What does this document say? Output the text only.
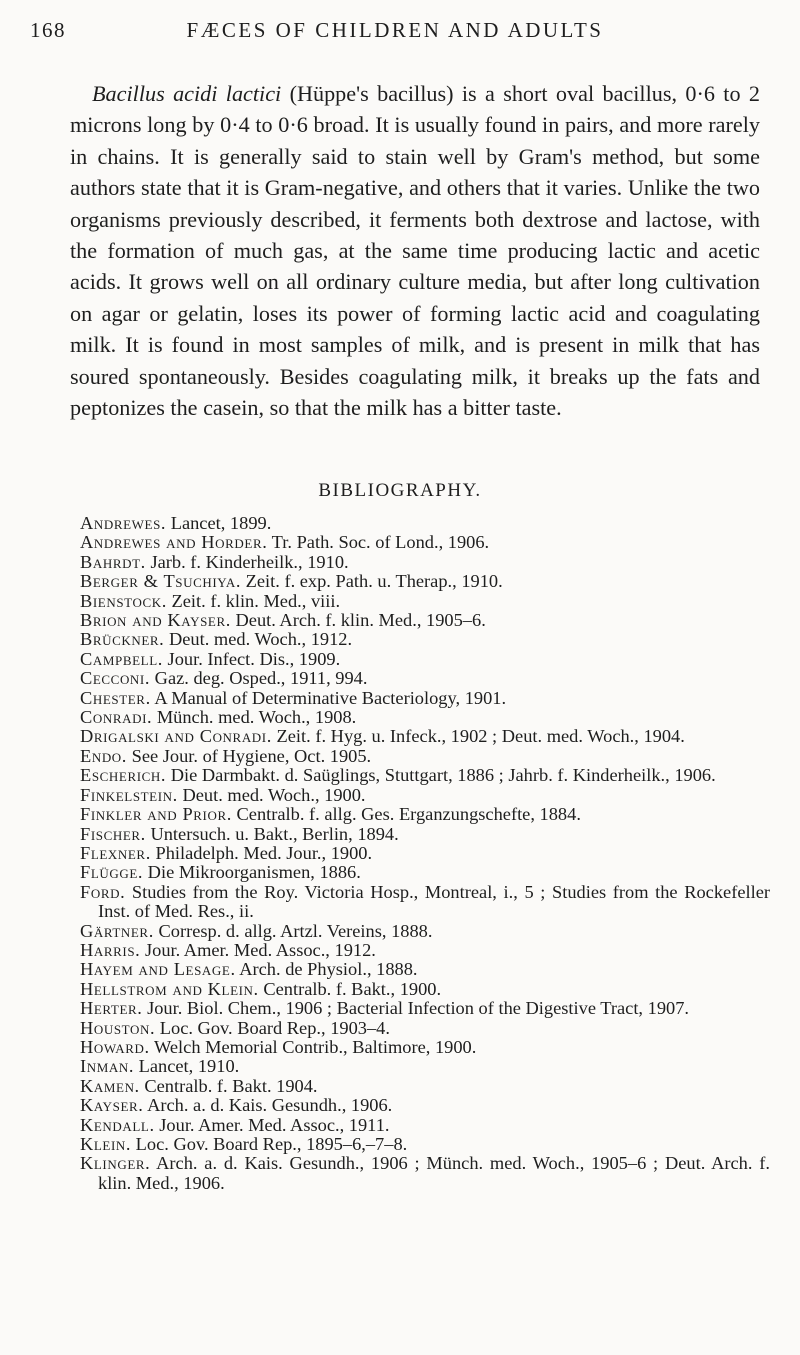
168	FÆCES OF CHILDREN AND ADULTS

Bacillus acidi lactici (Hüppe's bacillus) is a short oval bacillus, 0·6 to 2 microns long by 0·4 to 0·6 broad. It is usually found in pairs, and more rarely in chains. It is generally said to stain well by Gram's method, but some authors state that it is Gram-negative, and others that it varies. Unlike the two organisms previously described, it ferments both dextrose and lactose, with the formation of much gas, at the same time producing lactic and acetic acids. It grows well on all ordinary culture media, but after long cultivation on agar or gelatin, loses its power of forming lactic acid and coagulating milk. It is found in most samples of milk, and is present in milk that has soured spontaneously. Besides coagulating milk, it breaks up the fats and peptonizes the casein, so that the milk has a bitter taste.

BIBLIOGRAPHY.
Andrewes. Lancet, 1899.
Andrewes and Horder. Tr. Path. Soc. of Lond., 1906.
Bahrdt. Jarb. f. Kinderheilk., 1910.
Berger & Tsuchiya. Zeit. f. exp. Path. u. Therap., 1910.
Bienstock. Zeit. f. klin. Med., viii.
Brion and Kayser. Deut. Arch. f. klin. Med., 1905–6.
Brückner. Deut. med. Woch., 1912.
Campbell. Jour. Infect. Dis., 1909.
Cecconi. Gaz. deg. Osped., 1911, 994.
Chester. A Manual of Determinative Bacteriology, 1901.
Conradi. Münch. med. Woch., 1908.
Drigalski and Conradi. Zeit. f. Hyg. u. Infeck., 1902 ; Deut. med. Woch., 1904.
Endo. See Jour. of Hygiene, Oct. 1905.
Escherich. Die Darmbakt. d. Saüglings, Stuttgart, 1886 ; Jahrb. f. Kinderheilk., 1906.
Finkelstein. Deut. med. Woch., 1900.
Finkler and Prior. Centralb. f. allg. Ges. Erganzungschefte, 1884.
Fischer. Untersuch. u. Bakt., Berlin, 1894.
Flexner. Philadelph. Med. Jour., 1900.
Flügge. Die Mikroorganismen, 1886.
Ford. Studies from the Roy. Victoria Hosp., Montreal, i., 5 ; Studies from the Rockefeller Inst. of Med. Res., ii.
Gärtner. Corresp. d. allg. Artzl. Vereins, 1888.
Harris. Jour. Amer. Med. Assoc., 1912.
Hayem and Lesage. Arch. de Physiol., 1888.
Hellstrom and Klein. Centralb. f. Bakt., 1900.
Herter. Jour. Biol. Chem., 1906 ; Bacterial Infection of the Digestive Tract, 1907.
Houston. Loc. Gov. Board Rep., 1903–4.
Howard. Welch Memorial Contrib., Baltimore, 1900.
Inman. Lancet, 1910.
Kamen. Centralb. f. Bakt. 1904.
Kayser. Arch. a. d. Kais. Gesundh., 1906.
Kendall. Jour. Amer. Med. Assoc., 1911.
Klein. Loc. Gov. Board Rep., 1895–6,–7–8.
Klinger. Arch. a. d. Kais. Gesundh., 1906 ; Münch. med. Woch., 1905–6 ; Deut. Arch. f. klin. Med., 1906.
